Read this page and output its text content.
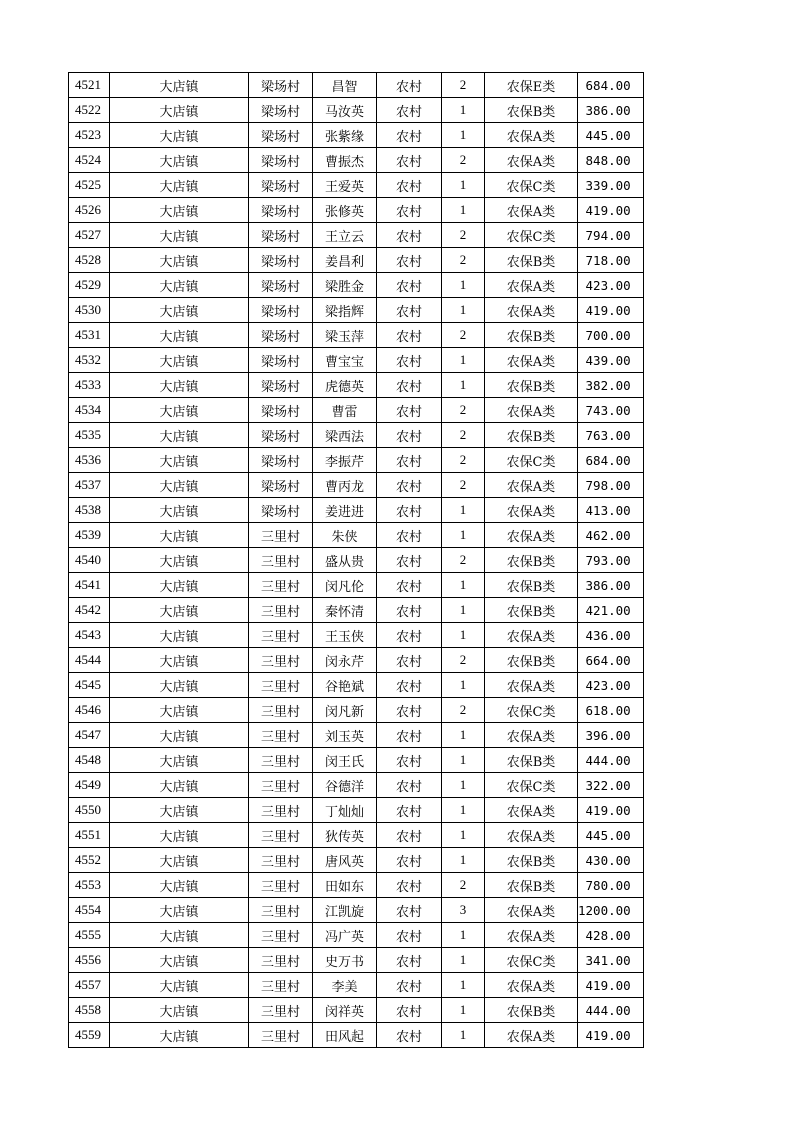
4521	大店镇	梁场村	昌智	农村	2	农保E类	684.00
4522	大店镇	梁场村	马汝英	农村	1	农保B类	386.00
4523	大店镇	梁场村	张紫缘	农村	1	农保A类	445.00
4524	大店镇	梁场村	曹振杰	农村	2	农保A类	848.00
4525	大店镇	梁场村	王爱英	农村	1	农保C类	339.00
4526	大店镇	梁场村	张修英	农村	1	农保A类	419.00
4527	大店镇	梁场村	王立云	农村	2	农保C类	794.00
4528	大店镇	梁场村	姜昌利	农村	2	农保B类	718.00
4529	大店镇	梁场村	梁胜金	农村	1	农保A类	423.00
4530	大店镇	梁场村	梁指辉	农村	1	农保A类	419.00
4531	大店镇	梁场村	梁玉萍	农村	2	农保B类	700.00
4532	大店镇	梁场村	曹宝宝	农村	1	农保A类	439.00
4533	大店镇	梁场村	虎德英	农村	1	农保B类	382.00
4534	大店镇	梁场村	曹雷	农村	2	农保A类	743.00
4535	大店镇	梁场村	梁西法	农村	2	农保B类	763.00
4536	大店镇	梁场村	李振芹	农村	2	农保C类	684.00
4537	大店镇	梁场村	曹丙龙	农村	2	农保A类	798.00
4538	大店镇	梁场村	姜进进	农村	1	农保A类	413.00
4539	大店镇	三里村	朱侠	农村	1	农保A类	462.00
4540	大店镇	三里村	盛从贵	农村	2	农保B类	793.00
4541	大店镇	三里村	闵凡伦	农村	1	农保B类	386.00
4542	大店镇	三里村	秦怀清	农村	1	农保B类	421.00
4543	大店镇	三里村	王玉侠	农村	1	农保A类	436.00
4544	大店镇	三里村	闵永芹	农村	2	农保B类	664.00
4545	大店镇	三里村	谷艳斌	农村	1	农保A类	423.00
4546	大店镇	三里村	闵凡新	农村	2	农保C类	618.00
4547	大店镇	三里村	刘玉英	农村	1	农保A类	396.00
4548	大店镇	三里村	闵王氏	农村	1	农保B类	444.00
4549	大店镇	三里村	谷德洋	农村	1	农保C类	322.00
4550	大店镇	三里村	丁灿灿	农村	1	农保A类	419.00
4551	大店镇	三里村	狄传英	农村	1	农保A类	445.00
4552	大店镇	三里村	唐风英	农村	1	农保B类	430.00
4553	大店镇	三里村	田如东	农村	2	农保B类	780.00
4554	大店镇	三里村	江凯旋	农村	3	农保A类	1200.00
4555	大店镇	三里村	冯广英	农村	1	农保A类	428.00
4556	大店镇	三里村	史万书	农村	1	农保C类	341.00
4557	大店镇	三里村	李美	农村	1	农保A类	419.00
4558	大店镇	三里村	闵祥英	农村	1	农保B类	444.00
4559	大店镇	三里村	田风起	农村	1	农保A类	419.00
